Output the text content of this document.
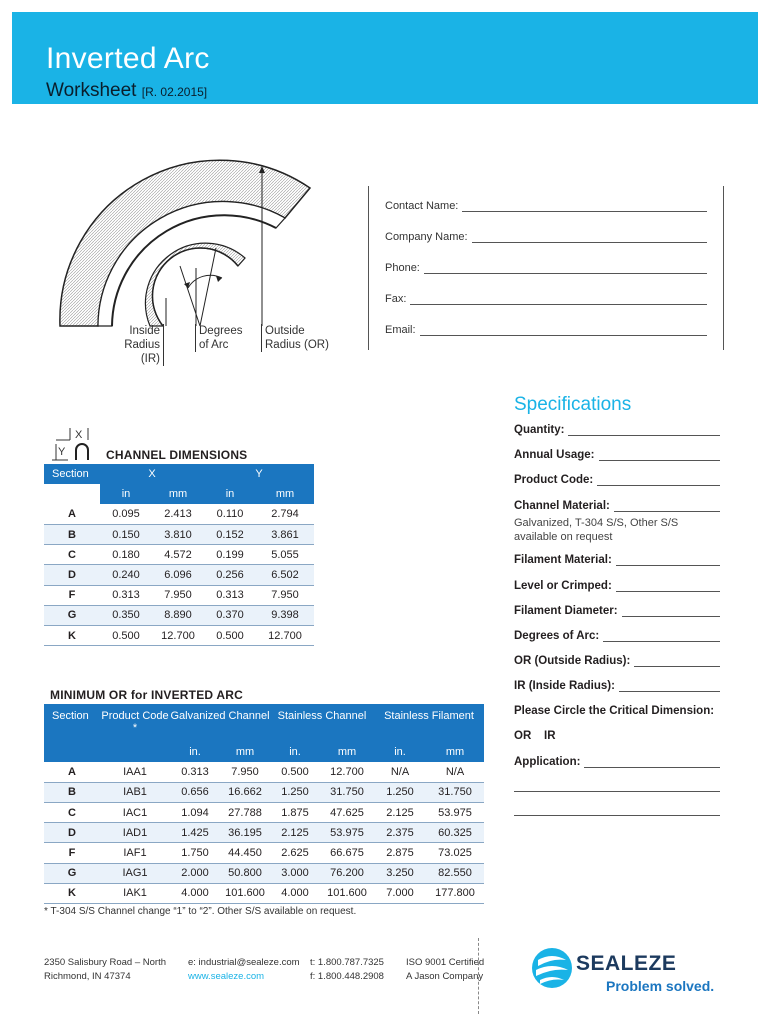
Inverted Arc
Worksheet [R. 02.2015]
Inside
Radius (IR)
Degrees
of Arc
Outside
Radius (OR)
Contact Name:
Company Name:
Phone:
Fax:
Email:
X
Y	CHANNEL DIMENSIONS
Section	X		Y	
	in	mm	in	mm
A	0.095	2.413	0.110	2.794
B	0.150	3.810	0.152	3.861
C	0.180	4.572	0.199	5.055
D	0.240	6.096	0.256	6.502
F	0.313	7.950	0.313	7.950
G	0.350	8.890	0.370	9.398
K	0.500	12.700	0.500	12.700
MINIMUM OR for INVERTED ARC
Section	Product Code *	Galvanized Channel		Stainless Channel		Stainless Filament	
		in.	mm	in.	mm	in.	mm
A	IAA1	0.313	7.950	0.500	12.700	N/A	N/A
B	IAB1	0.656	16.662	1.250	31.750	1.250	31.750
C	IAC1	1.094	27.788	1.875	47.625	2.125	53.975
D	IAD1	1.425	36.195	2.125	53.975	2.375	60.325
F	IAF1	1.750	44.450	2.625	66.675	2.875	73.025
G	IAG1	2.000	50.800	3.000	76.200	3.250	82.550
K	IAK1	4.000	101.600	4.000	101.600	7.000	177.800
* T-304 S/S Channel change “1” to “2”. Other S/S available on request.
Specifications
Quantity:
Annual Usage:
Product Code:
Channel Material:
Galvanized, T-304 S/S, Other S/S
available on request
Filament Material:
Level or Crimped:
Filament Diameter:
Degrees of Arc:
OR (Outside Radius):
IR (Inside Radius):
Please Circle the Critical Dimension:
OR    IR
Application:
2350 Salisbury Road – North
Richmond, IN 47374
e: industrial@sealeze.com
www.sealeze.com
t: 1.800.787.7325
f: 1.800.448.2908
ISO 9001 Certified
A Jason Company
SEALEZE
Problem solved.
